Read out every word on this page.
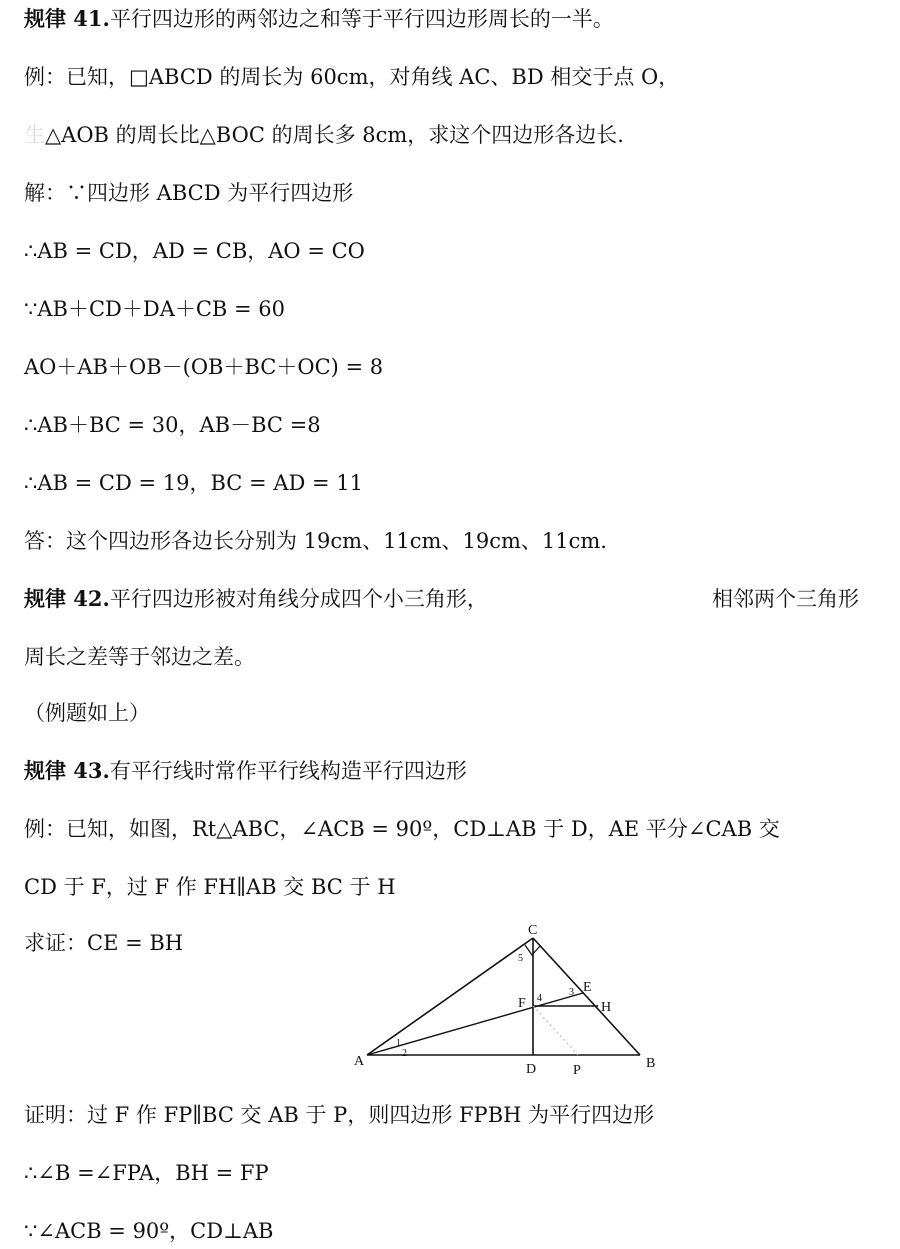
规律 41.平行四边形的两邻边之和等于平行四边形周长的一半。
例：已知，□ABCD 的周长为 60cm，对角线 AC、BD 相交于点 O，
生△AOB 的周长比△BOC 的周长多 8cm，求这个四边形各边长.
解：∵四边形 ABCD 为平行四边形
∴AB = CD，AD = CB，AO = CO
∵AB＋CD＋DA＋CB = 60
AO＋AB＋OB－(OB＋BC＋OC) = 8
∴AB＋BC = 30，AB－BC =8
∴AB = CD = 19，BC = AD = 11
答：这个四边形各边长分别为 19cm、11cm、19cm、11cm.
规律 42.平行四边形被对角线分成四个小三角形，	相邻两个三角形
周长之差等于邻边之差。
（例题如上）
规律 43.有平行线时常作平行线构造平行四边形
例：已知，如图，Rt△ABC，∠ACB = 90º，CD⊥AB 于 D，AE 平分∠CAB 交
CD 于 F，过 F 作 FH∥AB 交 BC 于 H
求证：CE = BH
C
A	B
D	P
E
F	H
1
2
3
4
5
证明：过 F 作 FP∥BC 交 AB 于 P，则四边形 FPBH 为平行四边形
∴∠B =∠FPA，BH = FP
∵∠ACB = 90º，CD⊥AB
